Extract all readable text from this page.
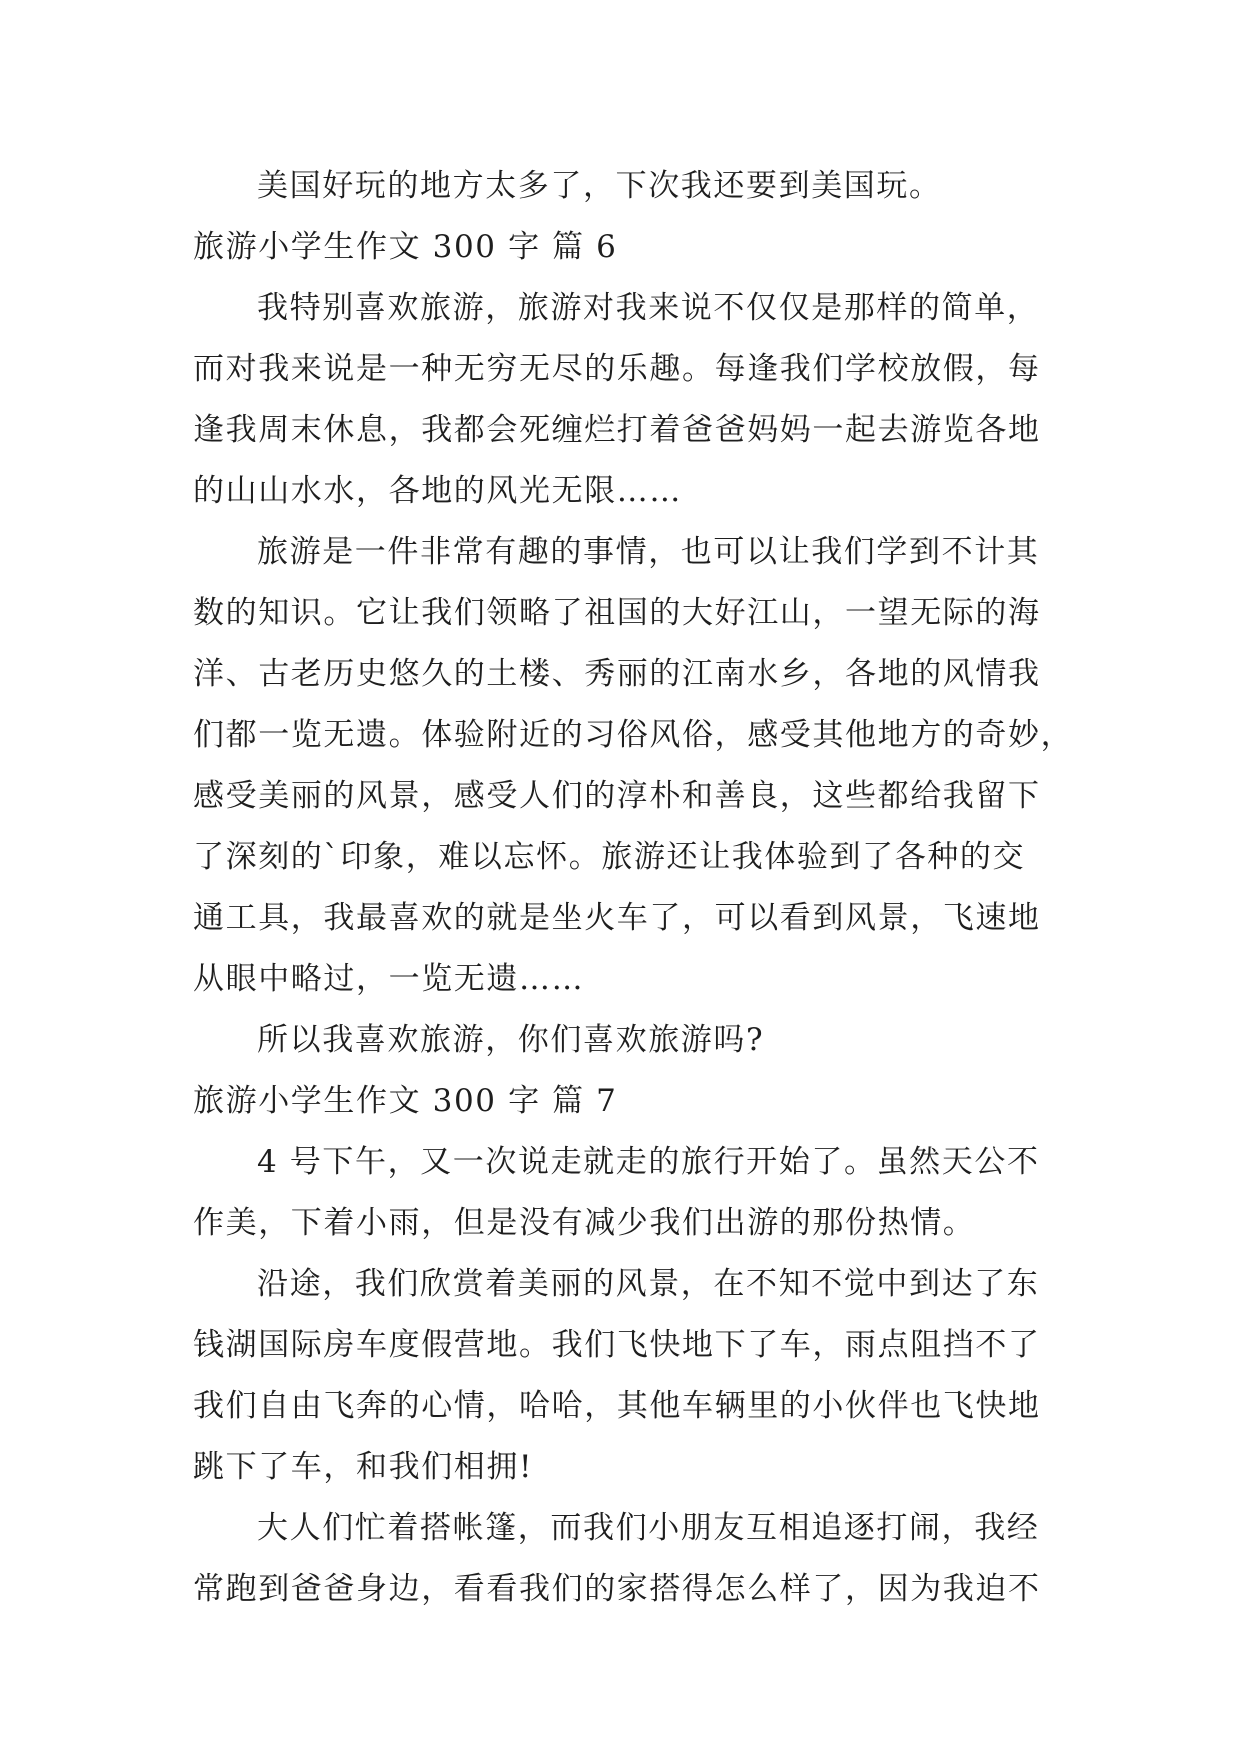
美国好玩的地方太多了，下次我还要到美国玩。
旅游小学生作文 300 字 篇 6
我特别喜欢旅游，旅游对我来说不仅仅是那样的简单，
而对我来说是一种无穷无尽的乐趣。每逢我们学校放假，每
逢我周末休息，我都会死缠烂打着爸爸妈妈一起去游览各地
的山山水水，各地的风光无限……
旅游是一件非常有趣的事情，也可以让我们学到不计其
数的知识。它让我们领略了祖国的大好江山，一望无际的海
洋、古老历史悠久的土楼、秀丽的江南水乡，各地的风情我
们都一览无遗。体验附近的习俗风俗，感受其他地方的奇妙，
感受美丽的风景，感受人们的淳朴和善良，这些都给我留下
了深刻的`印象，难以忘怀。旅游还让我体验到了各种的交
通工具，我最喜欢的就是坐火车了，可以看到风景，飞速地
从眼中略过，一览无遗……
所以我喜欢旅游，你们喜欢旅游吗?
旅游小学生作文 300 字 篇 7
4 号下午，又一次说走就走的旅行开始了。虽然天公不
作美，下着小雨，但是没有减少我们出游的那份热情。
沿途，我们欣赏着美丽的风景，在不知不觉中到达了东
钱湖国际房车度假营地。我们飞快地下了车，雨点阻挡不了
我们自由飞奔的心情，哈哈，其他车辆里的小伙伴也飞快地
跳下了车，和我们相拥!
大人们忙着搭帐篷，而我们小朋友互相追逐打闹，我经
常跑到爸爸身边，看看我们的家搭得怎么样了，因为我迫不
